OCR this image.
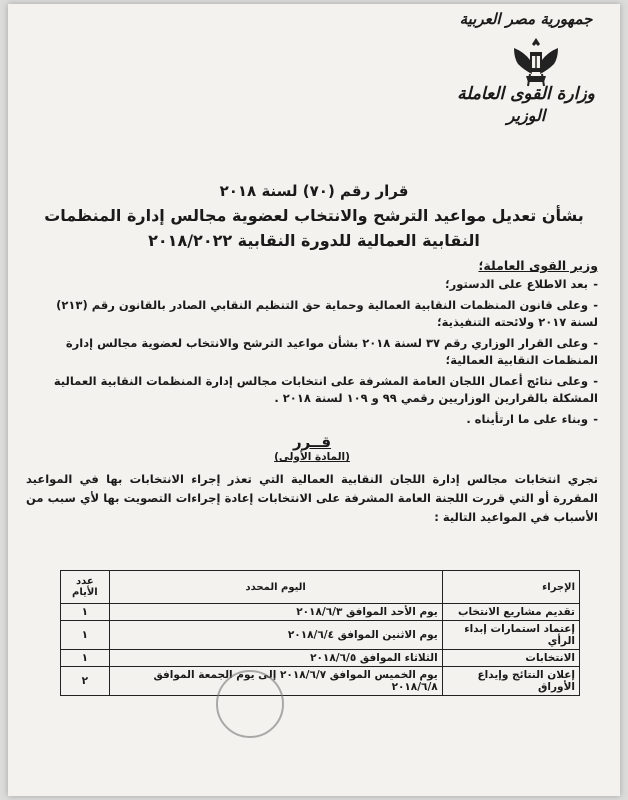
جمهورية مصر العربية
وزارة القوى العاملة
الوزير
قرار رقم (٧٠) لسنة ٢٠١٨
بشأن تعديل مواعيد الترشح والانتخاب لعضوية مجالس إدارة المنظمات
النقابية العمالية للدورة النقابية ٢٠١٨/٢٠٢٢
وزير القوى العاملة؛
-بعد الاطلاع على الدستور؛
-وعلى قانون المنظمات النقابية العمالية وحماية حق التنظيم النقابي الصادر بالقانون رقم (٢١٣) لسنة ٢٠١٧ ولائحته التنفيذية؛
-وعلى القرار الوزاري رقم ٣٧ لسنة ٢٠١٨ بشأن مواعيد الترشح والانتخاب لعضوية مجالس إدارة المنظمات النقابية العمالية؛
-وعلى نتائج أعمال اللجان العامة المشرفة على انتخابات مجالس إدارة المنظمات النقابية العمالية المشكلة بالقرارين الوزاريين رقمي ٩٩ و ١٠٩ لسنة ٢٠١٨ .
-وبناء على ما ارتأيناه .
قــرر
(المادة الأولى)
تجري انتخابات مجالس إدارة اللجان النقابية العمالية التي تعذر إجراء الانتخابات بها في المواعيد المقررة أو التي قررت اللجنة العامة المشرفة على الانتخابات إعادة إجراءات التصويت بها لأي سبب من الأسباب في المواعيد التالية :
الإجراء	اليوم المحدد	عدد الأيام
تقديم مشاريع الانتخاب	يوم الأحد الموافق ٢٠١٨/٦/٣	١
إعتماد استمارات إبداء الرأي	يوم الاثنين الموافق ٢٠١٨/٦/٤	١
الانتخابات	الثلاثاء الموافق ٢٠١٨/٦/٥	١
إعلان النتائج وإيداع الأوراق	يوم الخميس الموافق ٢٠١٨/٦/٧ إلى يوم الجمعة الموافق ٢٠١٨/٦/٨	٢
